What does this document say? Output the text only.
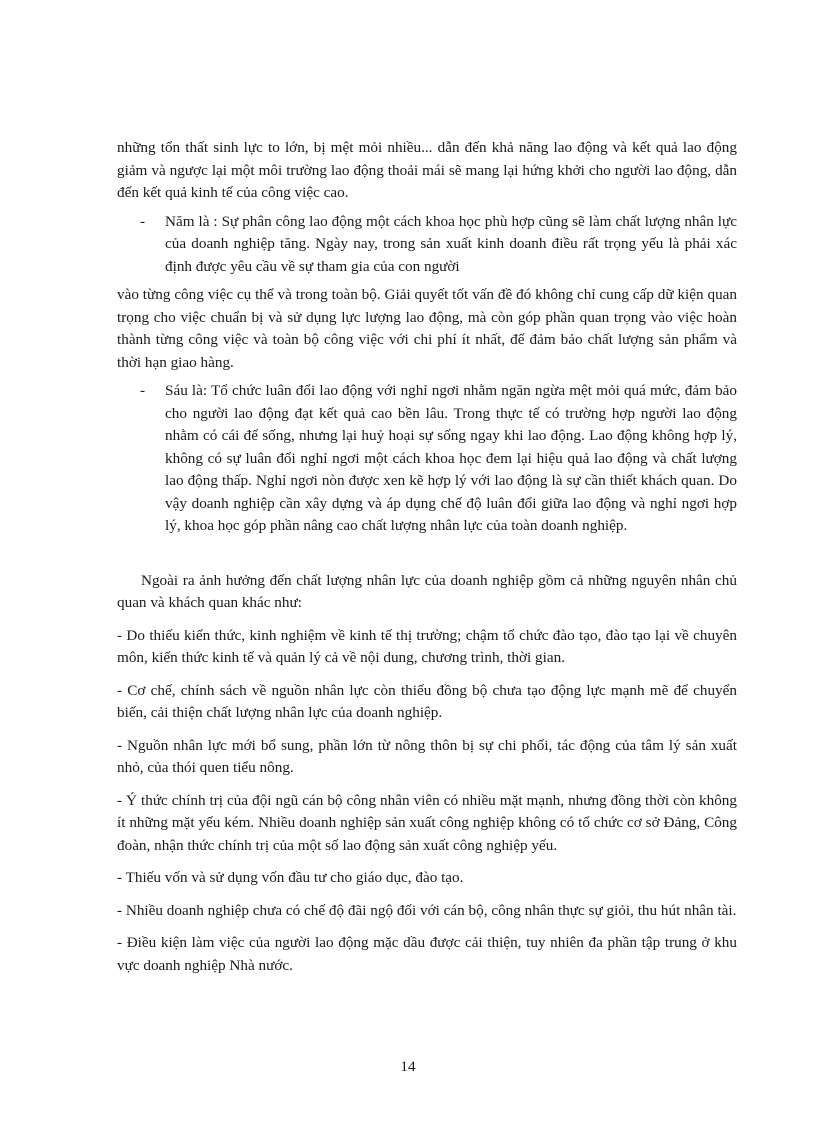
những tổn thất sinh lực to lớn, bị mệt mỏi nhiều... dẫn đến khả năng lao động và kết quả lao động giảm và ngược lại một môi trường lao động thoải mái sẽ mang lại hứng khởi cho người lao động, dẫn đến kết quả kinh tế của công việc cao.

- Năm là : Sự phân công lao động một cách khoa học phù hợp cũng sẽ làm chất lượng nhân lực của doanh nghiệp tăng. Ngày nay, trong sản xuất kinh doanh điều rất trọng yếu là phải xác định được yêu cầu về sự tham gia của con người

vào từng công việc cụ thể và trong toàn bộ. Giải quyết tốt vấn đề đó không chỉ cung cấp dữ kiện quan trọng cho việc chuẩn bị và sử dụng lực lượng lao động, mà còn góp phần quan trọng vào việc hoàn thành từng công việc và toàn bộ công việc với chi phí ít nhất, để đảm bảo chất lượng sản phẩm và thời hạn giao hàng.

- Sáu là: Tổ chức luân đổi lao động với nghỉ ngơi nhằm ngăn ngừa mệt mỏi quá mức, đảm bảo cho người lao động đạt kết quả cao bền lâu. Trong thực tế có trường hợp người lao động nhằm có cái để sống, nhưng lại huỷ hoại sự sống ngay khi lao động. Lao động không hợp lý, không có sự luân đổi nghỉ ngơi một cách khoa học đem lại hiệu quả lao động và chất lượng lao động thấp. Nghỉ ngơi nòn được xen kẽ hợp lý với lao động là sự cần thiết khách quan. Do vậy doanh nghiệp cần xây dựng và áp dụng chế độ luân đổi giữa lao động và nghỉ ngơi hợp lý, khoa học góp phần nâng cao chất lượng nhân lực của toàn doanh nghiệp.

Ngoài ra ảnh hưởng đến chất lượng nhân lực của doanh nghiệp gồm cả những nguyên nhân chủ quan và khách quan khác như:

- Do thiếu kiến thức, kinh nghiệm về kinh tế thị trường; chậm tổ chức đào tạo, đào tạo lại về chuyên môn, kiến thức kinh tế và quản lý cả về nội dung, chương trình, thời gian.

- Cơ chế, chính sách về nguồn nhân lực còn thiếu đồng bộ chưa tạo động lực mạnh mẽ để chuyển biến, cải thiện chất lượng nhân lực của doanh nghiệp.

- Nguồn nhân lực mới bổ sung, phần lớn từ nông thôn bị sự chi phối, tác động của tâm lý sản xuất nhỏ, của thói quen tiểu nông.

- Ý thức chính trị của đội ngũ cán bộ công nhân viên có nhiều mặt mạnh, nhưng đồng thời còn không ít những mặt yếu kém. Nhiều doanh nghiệp sản xuất công nghiệp không có tổ chức cơ sở Đảng, Công đoàn, nhận thức chính trị của một số lao động sản xuất công nghiệp yếu.

- Thiếu vốn và sử dụng vốn đầu tư cho giáo dục, đào tạo.

- Nhiều doanh nghiệp chưa có chế độ đãi ngộ đối với cán bộ, công nhân thực sự giỏi, thu hút nhân tài.

- Điều kiện làm việc của người lao động mặc dầu được cải thiện, tuy nhiên đa phần tập trung ở khu vực doanh nghiệp Nhà nước.

14
